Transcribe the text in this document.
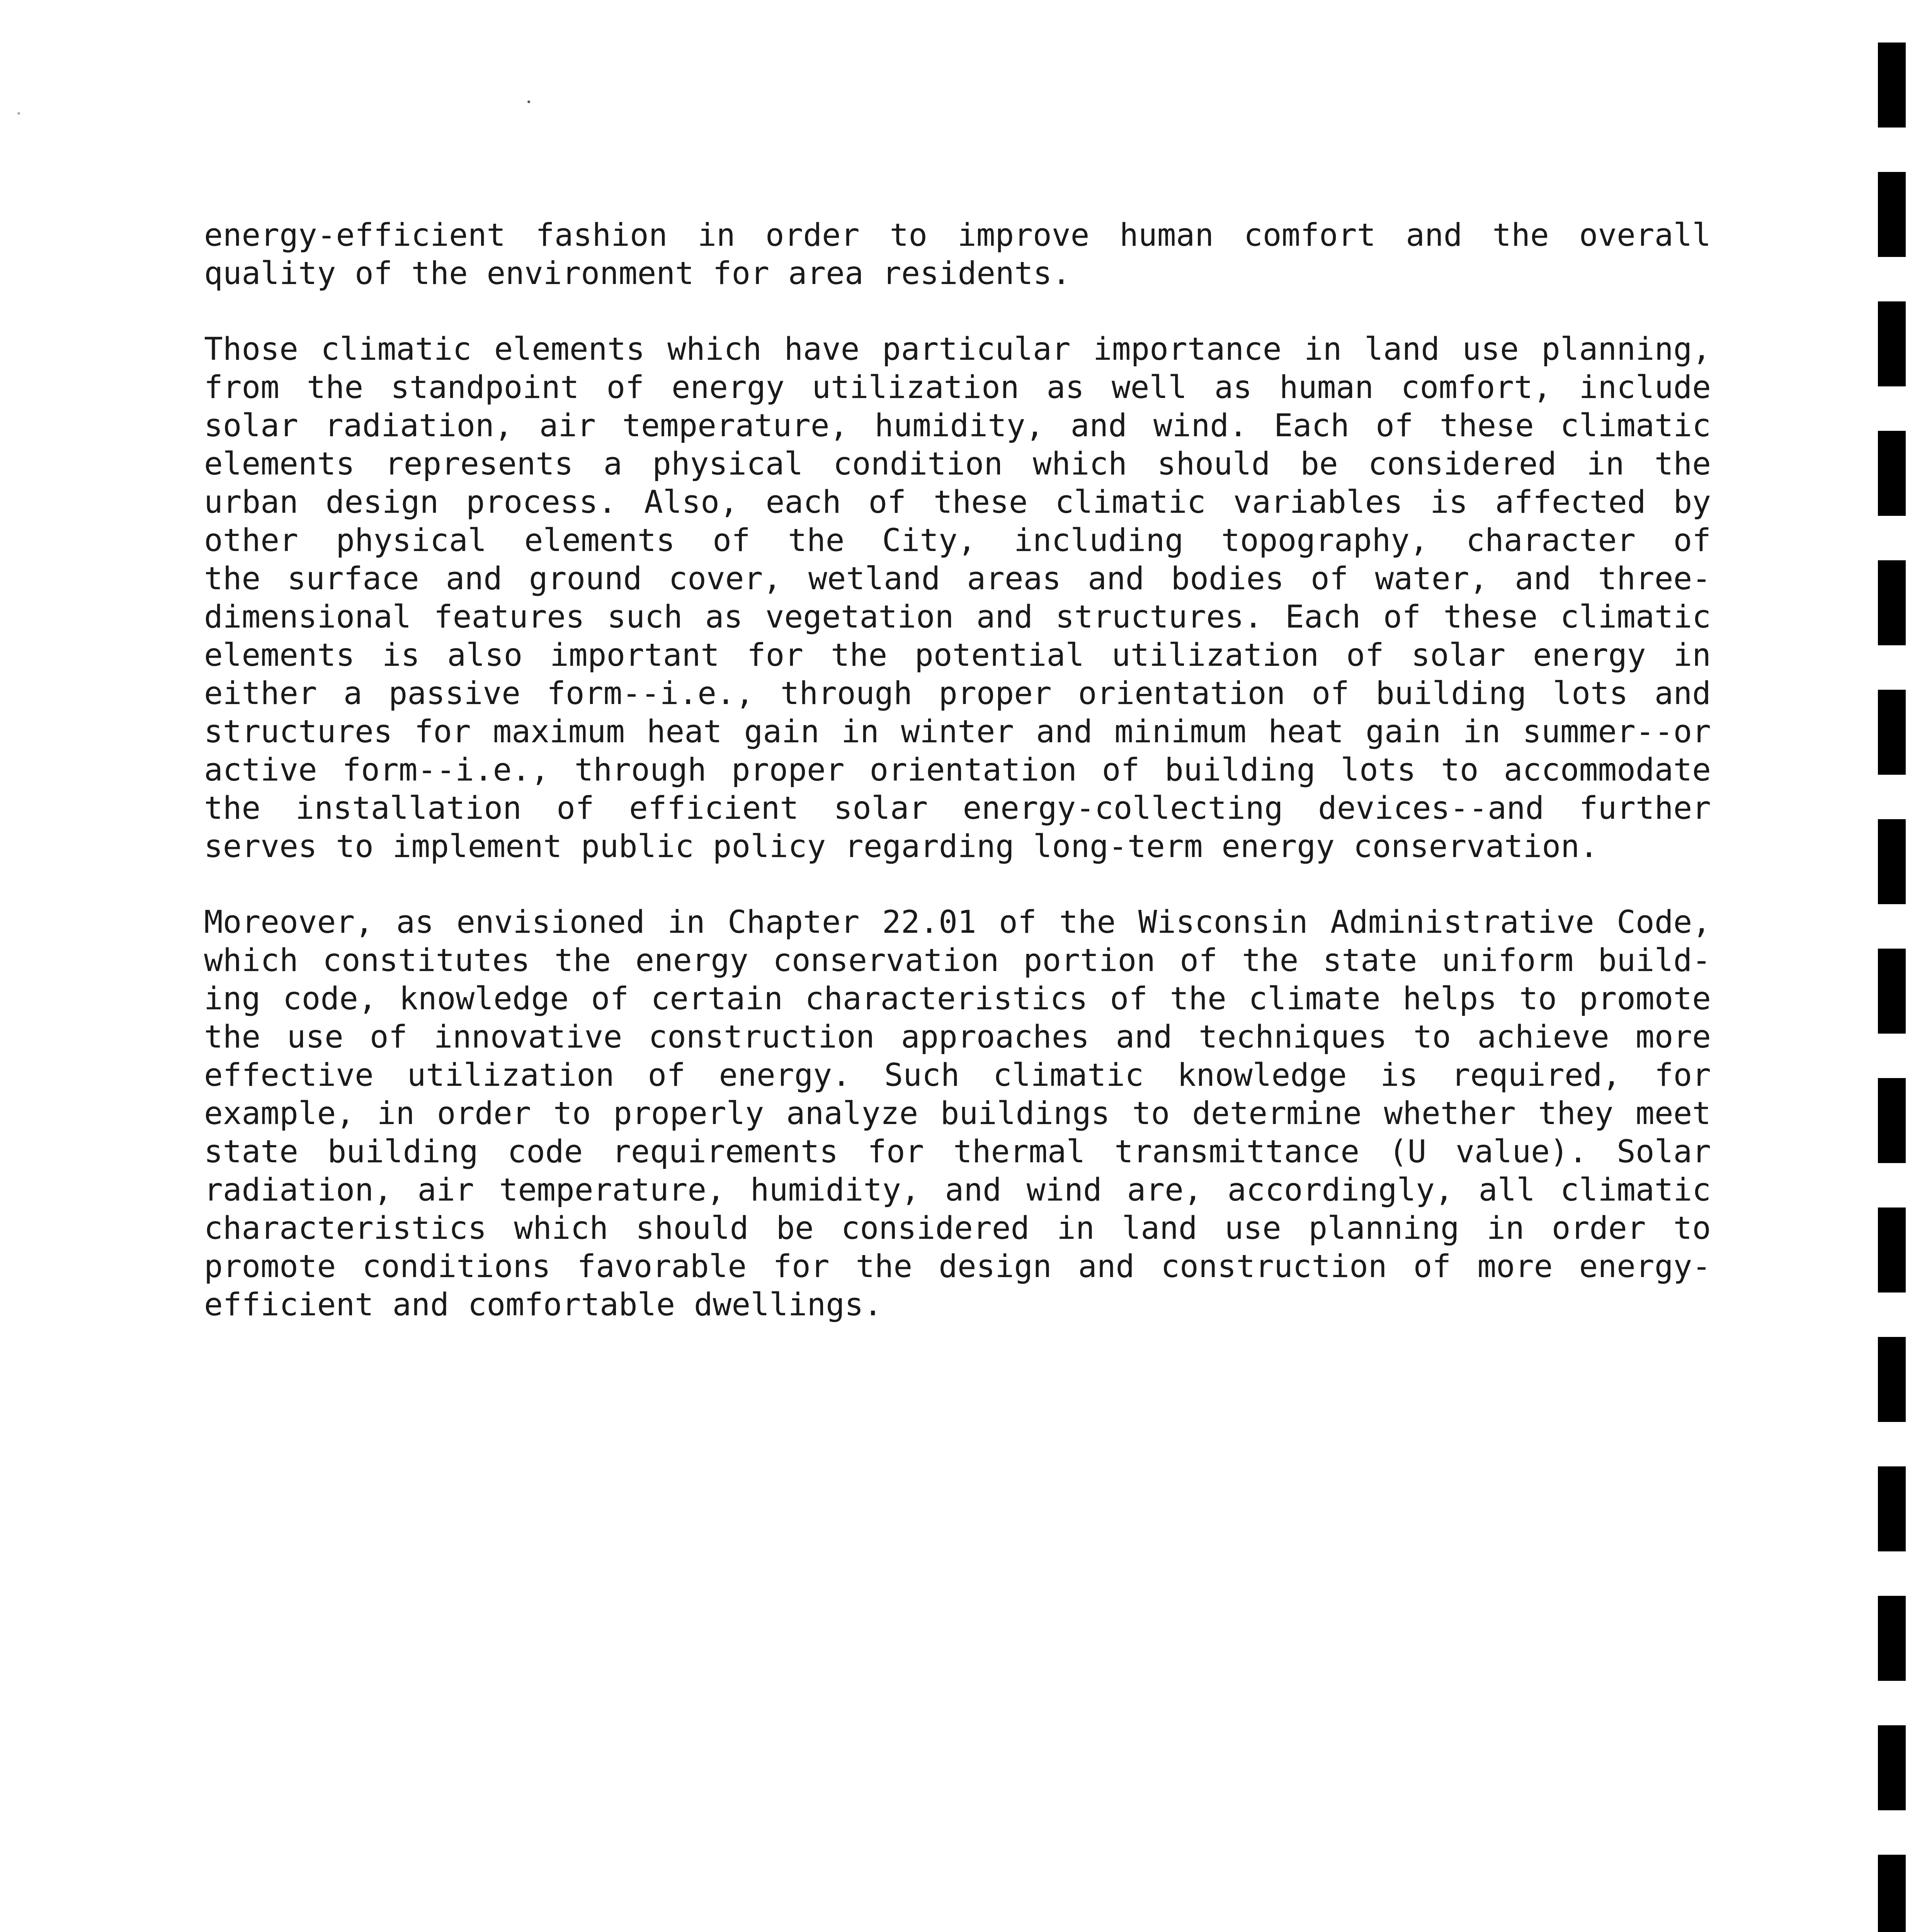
energy-efficient fashion in order to improve human comfort and the overall
quality of the environment for area residents.
Those climatic elements which have particular importance in land use planning,
from the standpoint of energy utilization as well as human comfort, include
solar radiation, air temperature, humidity, and wind. Each of these climatic
elements represents a physical condition which should be considered in the
urban design process. Also, each of these climatic variables is affected by
other physical elements of the City, including topography, character of
the surface and ground cover, wetland areas and bodies of water, and three-
dimensional features such as vegetation and structures. Each of these climatic
elements is also important for the potential utilization of solar energy in
either a passive form--i.e., through proper orientation of building lots and
structures for maximum heat gain in winter and minimum heat gain in summer--or
active form--i.e., through proper orientation of building lots to accommodate
the installation of efficient solar energy-collecting devices--and further
serves to implement public policy regarding long-term energy conservation.
Moreover, as envisioned in Chapter 22.01 of the Wisconsin Administrative Code,
which constitutes the energy conservation portion of the state uniform build-
ing code, knowledge of certain characteristics of the climate helps to promote
the use of innovative construction approaches and techniques to achieve more
effective utilization of energy. Such climatic knowledge is required, for
example, in order to properly analyze buildings to determine whether they meet
state building code requirements for thermal transmittance (U value). Solar
radiation, air temperature, humidity, and wind are, accordingly, all climatic
characteristics which should be considered in land use planning in order to
promote conditions favorable for the design and construction of more energy-
efficient and comfortable dwellings.
